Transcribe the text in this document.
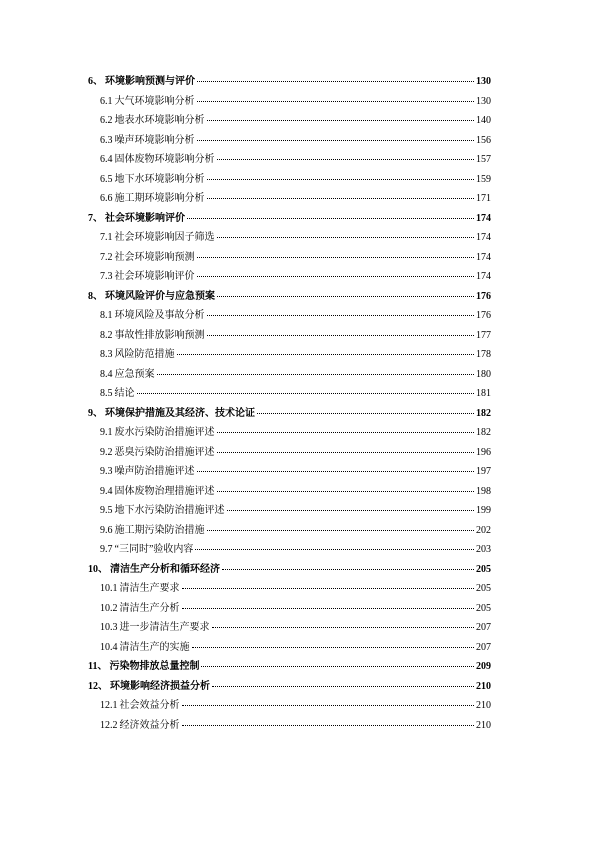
6、 环境影响预测与评价	130
6.1 大气环境影响分析	130
6.2 地表水环境影响分析	140
6.3 噪声环境影响分析	156
6.4 固体废物环境影响分析	157
6.5 地下水环境影响分析	159
6.6 施工期环境影响分析	171
7、 社会环境影响评价	174
7.1 社会环境影响因子筛选	174
7.2 社会环境影响预测	174
7.3 社会环境影响评价	174
8、 环境风险评价与应急预案	176
8.1 环境风险及事故分析	176
8.2 事故性排放影响预测	177
8.3 风险防范措施	178
8.4 应急预案	180
8.5 结论	181
9、 环境保护措施及其经济、技术论证	182
9.1 废水污染防治措施评述	182
9.2 恶臭污染防治措施评述	196
9.3 噪声防治措施评述	197
9.4 固体废物治理措施评述	198
9.5 地下水污染防治措施评述	199
9.6 施工期污染防治措施	202
9.7 “三同时”验收内容	203
10、 清洁生产分析和循环经济	205
10.1 清洁生产要求	205
10.2 清洁生产分析	205
10.3 进一步清洁生产要求	207
10.4 清洁生产的实施	207
11、 污染物排放总量控制	209
12、 环境影响经济损益分析	210
12.1 社会效益分析	210
12.2 经济效益分析	210
